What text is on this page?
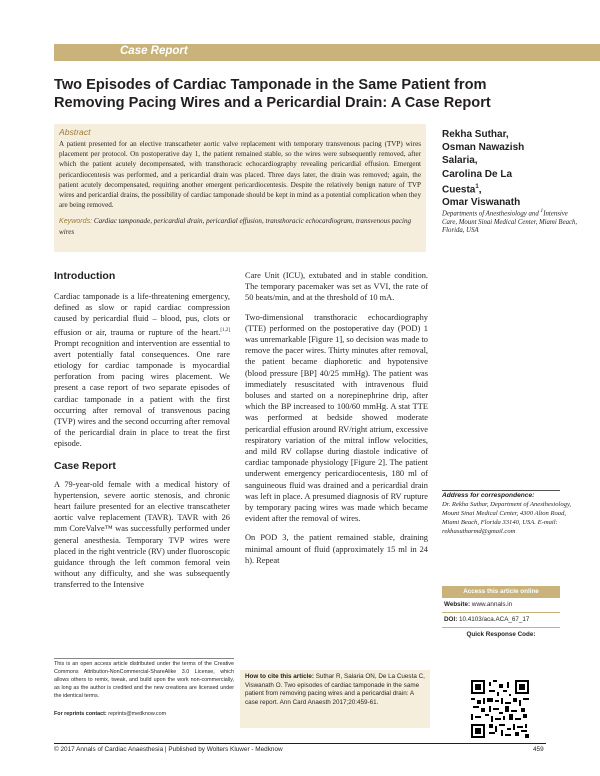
Case Report
Two Episodes of Cardiac Tamponade in the Same Patient from Removing Pacing Wires and a Pericardial Drain: A Case Report
Abstract
A patient presented for an elective transcatheter aortic valve replacement with temporary transvenous pacing (TVP) wires placement per protocol. On postoperative day 1, the patient remained stable, so the wires were subsequently removed, after which the patient acutely decompensated, with transthoracic echocardiography revealing pericardial effusion. Emergent pericardiocentesis was performed, and a pericardial drain was placed. Three days later, the drain was removed; again, the patient acutely decompensated, requiring another emergent pericardiocentesis. Despite the relatively benign nature of TVP wires and pericardial drains, the possibility of cardiac tamponade should be kept in mind as a potential complication when they are being removed.
Keywords: Cardiac tamponade, pericardial drain, pericardial effusion, transthoracic echocardiogram, transvenous pacing wires
Rekha Suthar,
Osman Nawazish
Salaria,
Carolina De La
Cuesta$^1$,
Omar Viswanath
Departments of Anesthesiology and $^1$Intensive Care, Mount Sinai Medical Center, Miami Beach, Florida, USA
Introduction

Cardiac tamponade is a life-threatening emergency, defined as slow or rapid cardiac compression caused by pericardial fluid – blood, pus, clots or effusion or air, trauma or rupture of the heart.[1,2] Prompt recognition and intervention are essential to avert potentially fatal consequences. One rare etiology for cardiac tamponade is myocardial perforation from pacing wires placement. We present a case report of two separate episodes of cardiac tamponade in a patient with the first occurring after removal of transvenous pacing (TVP) wires and the second occurring after removal of the pericardial drain in place to treat the first episode.

Case Report

A 79-year-old female with a medical history of hypertension, severe aortic stenosis, and chronic heart failure presented for an elective transcatheter aortic valve replacement (TAVR). TAVR with 26 mm CoreValve™ was successfully performed under general anesthesia. Temporary TVP wires were placed in the right ventricle (RV) under fluoroscopic guidance through the left common femoral vein without any difficulty, and she was subsequently transferred to the Intensive

Care Unit (ICU), extubated and in stable condition. The temporary pacemaker was set as VVI, the rate of 50 beats/min, and at the threshold of 10 mA.

Two-dimensional transthoracic echocardiography (TTE) performed on the postoperative day (POD) 1 was unremarkable [Figure 1], so decision was made to remove the pacer wires. Thirty minutes after removal, the patient became diaphoretic and hypotensive (blood pressure [BP] 40/25 mmHg). The patient was immediately resuscitated with intravenous fluid boluses and started on a norepinephrine drip, after which the BP increased to 100/60 mmHg. A stat TTE was performed at bedside showed moderate pericardial effusion around RV/right atrium, excessive respiratory variation of the mitral inflow velocities, and mild RV collapse during diastole indicative of cardiac tamponade physiology [Figure 2]. The patient underwent emergency pericardiocentesis, 180 ml of sanguineous fluid was drained and a pericardial drain was left in place. A presumed diagnosis of RV rupture by temporary pacing wires was made which became evident after the removal of wires.

On POD 3, the patient remained stable, draining minimal amount of fluid (approximately 15 ml in 24 h). Repeat

Address for correspondence:
Dr. Rekha Suthar, Department of Anesthesiology, Mount Sinai Medical Center, 4300 Alton Road, Miami Beach, Florida 33140, USA. E-mail: rekhasutharmd@gmail.com
Access this article online
Website: www.annals.in
DOI: 10.4103/aca.ACA_67_17
Quick Response Code:
This is an open access article distributed under the terms of the Creative Commons Attribution-NonCommercial-ShareAlike 3.0 License, which allows others to remix, tweak, and build upon the work non-commercially, as long as the author is credited and the new creations are licensed under the identical terms.
For reprints contact: reprints@medknow.com
How to cite this article: Suthar R, Salaria ON, De La Cuesta C, Viswanath O. Two episodes of cardiac tamponade in the same patient from removing pacing wires and a pericardial drain: A case report. Ann Card Anaesth 2017;20:459-61.
© 2017 Annals of Cardiac Anaesthesia | Published by Wolters Kluwer - Medknow	459
